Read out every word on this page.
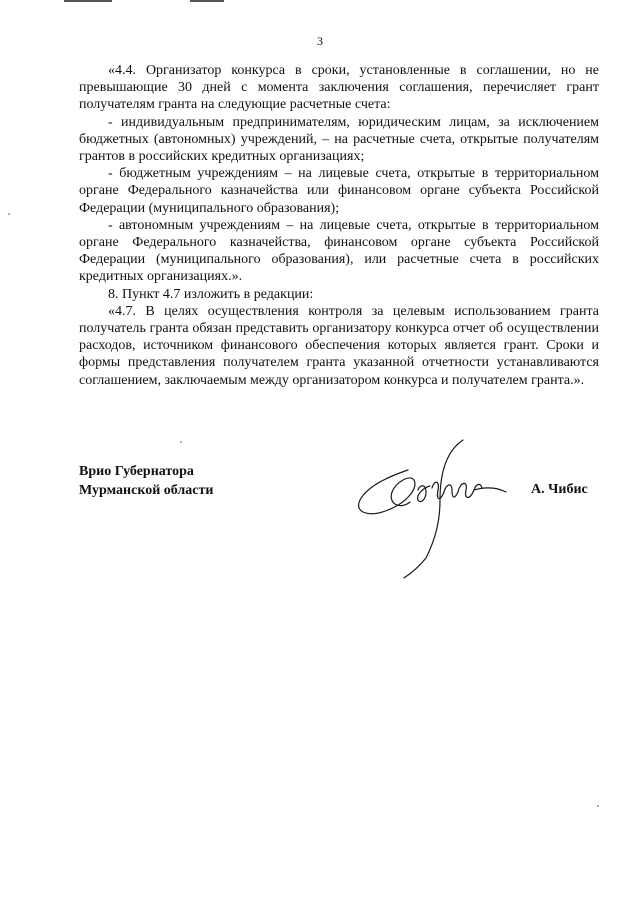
3

«4.4. Организатор конкурса в сроки, установленные в соглашении, но не превышающие 30 дней с момента заключения соглашения, перечисляет грант получателям гранта на следующие расчетные счета:

- индивидуальным предпринимателям, юридическим лицам, за исключением бюджетных (автономных) учреждений, – на расчетные счета, открытые получателям грантов в российских кредитных организациях;

- бюджетным учреждениям – на лицевые счета, открытые в территориальном органе Федерального казначейства или финансовом органе субъекта Российской Федерации (муниципального образования);

- автономным учреждениям – на лицевые счета, открытые в территориальном органе Федерального казначейства, финансовом органе субъекта Российской Федерации (муниципального образования), или расчетные счета в российских кредитных организациях.».

8. Пункт 4.7 изложить в редакции:

«4.7. В целях осуществления контроля за целевым использованием гранта получатель гранта обязан представить организатору конкурса отчет об осуществлении расходов, источником финансового обеспечения которых является грант. Сроки и формы представления получателем гранта указанной отчетности устанавливаются соглашением, заключаемым между организатором конкурса и получателем гранта.».

Врио Губернатора
Мурманской области	А. Чибис
